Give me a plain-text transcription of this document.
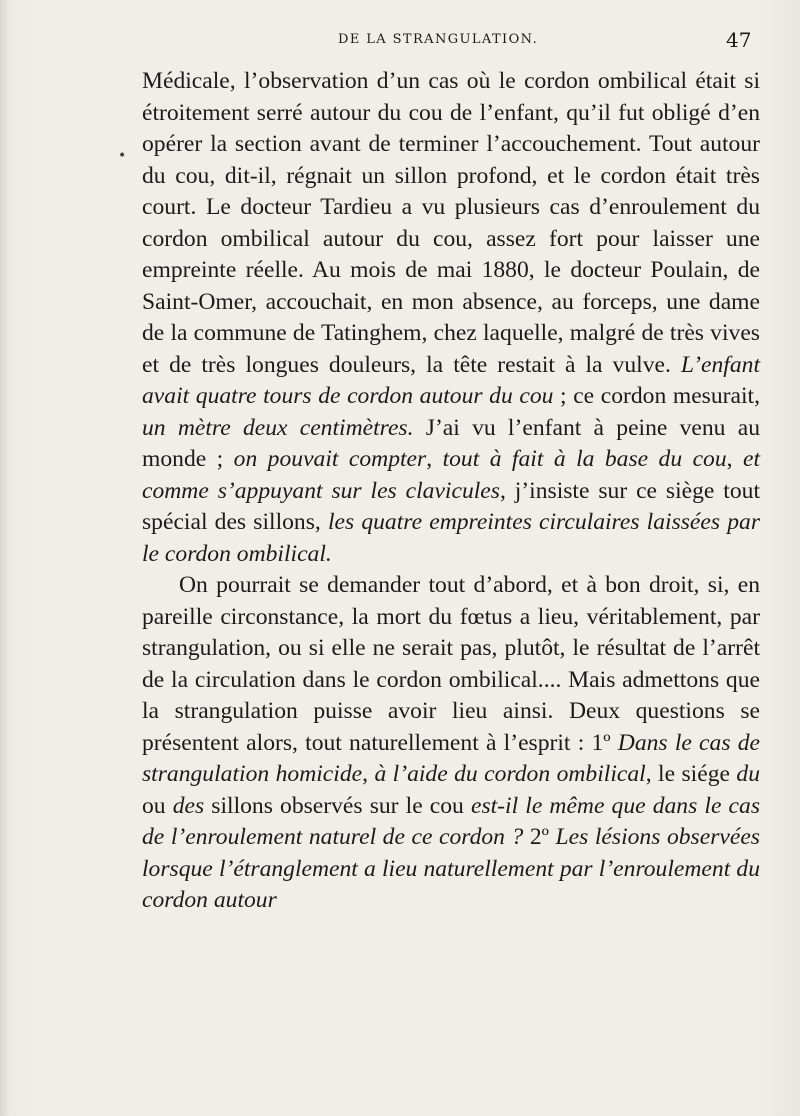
DE LA STRANGULATION.	47
•

Médicale, l’observation d’un cas où le cordon ombilical était si étroitement serré autour du cou de l’enfant, qu’il fut obligé d’en opérer la section avant de terminer l’accouchement. Tout autour du cou, dit-il, régnait un sillon profond, et le cordon était très court. Le docteur Tardieu a vu plusieurs cas d’enroulement du cordon ombilical autour du cou, assez fort pour laisser une empreinte réelle. Au mois de mai 1880, le docteur Poulain, de Saint-Omer, accouchait, en mon absence, au forceps, une dame de la commune de Tatinghem, chez laquelle, malgré de très vives et de très longues douleurs, la tête restait à la vulve. L’enfant avait quatre tours de cordon autour du cou ; ce cordon mesurait, un mètre deux centimètres. J’ai vu l’enfant à peine venu au monde ; on pouvait compter, tout à fait à la base du cou, et comme s’appuyant sur les clavicules, j’insiste sur ce siège tout spécial des sillons, les quatre empreintes circulaires laissées par le cordon ombilical.

On pourrait se demander tout d’abord, et à bon droit, si, en pareille circonstance, la mort du fœtus a lieu, véritablement, par strangulation, ou si elle ne serait pas, plutôt, le résultat de l’arrêt de la circulation dans le cordon ombilical.... Mais admettons que la strangulation puisse avoir lieu ainsi. Deux questions se présentent alors, tout naturellement à l’esprit : 1º Dans le cas de strangulation homicide, à l’aide du cordon ombilical, le siége du ou des sillons observés sur le cou est-il le même que dans le cas de l’enroulement naturel de ce cordon ? 2º Les lésions observées lorsque l’étranglement a lieu naturellement par l’enroulement du cordon autour
